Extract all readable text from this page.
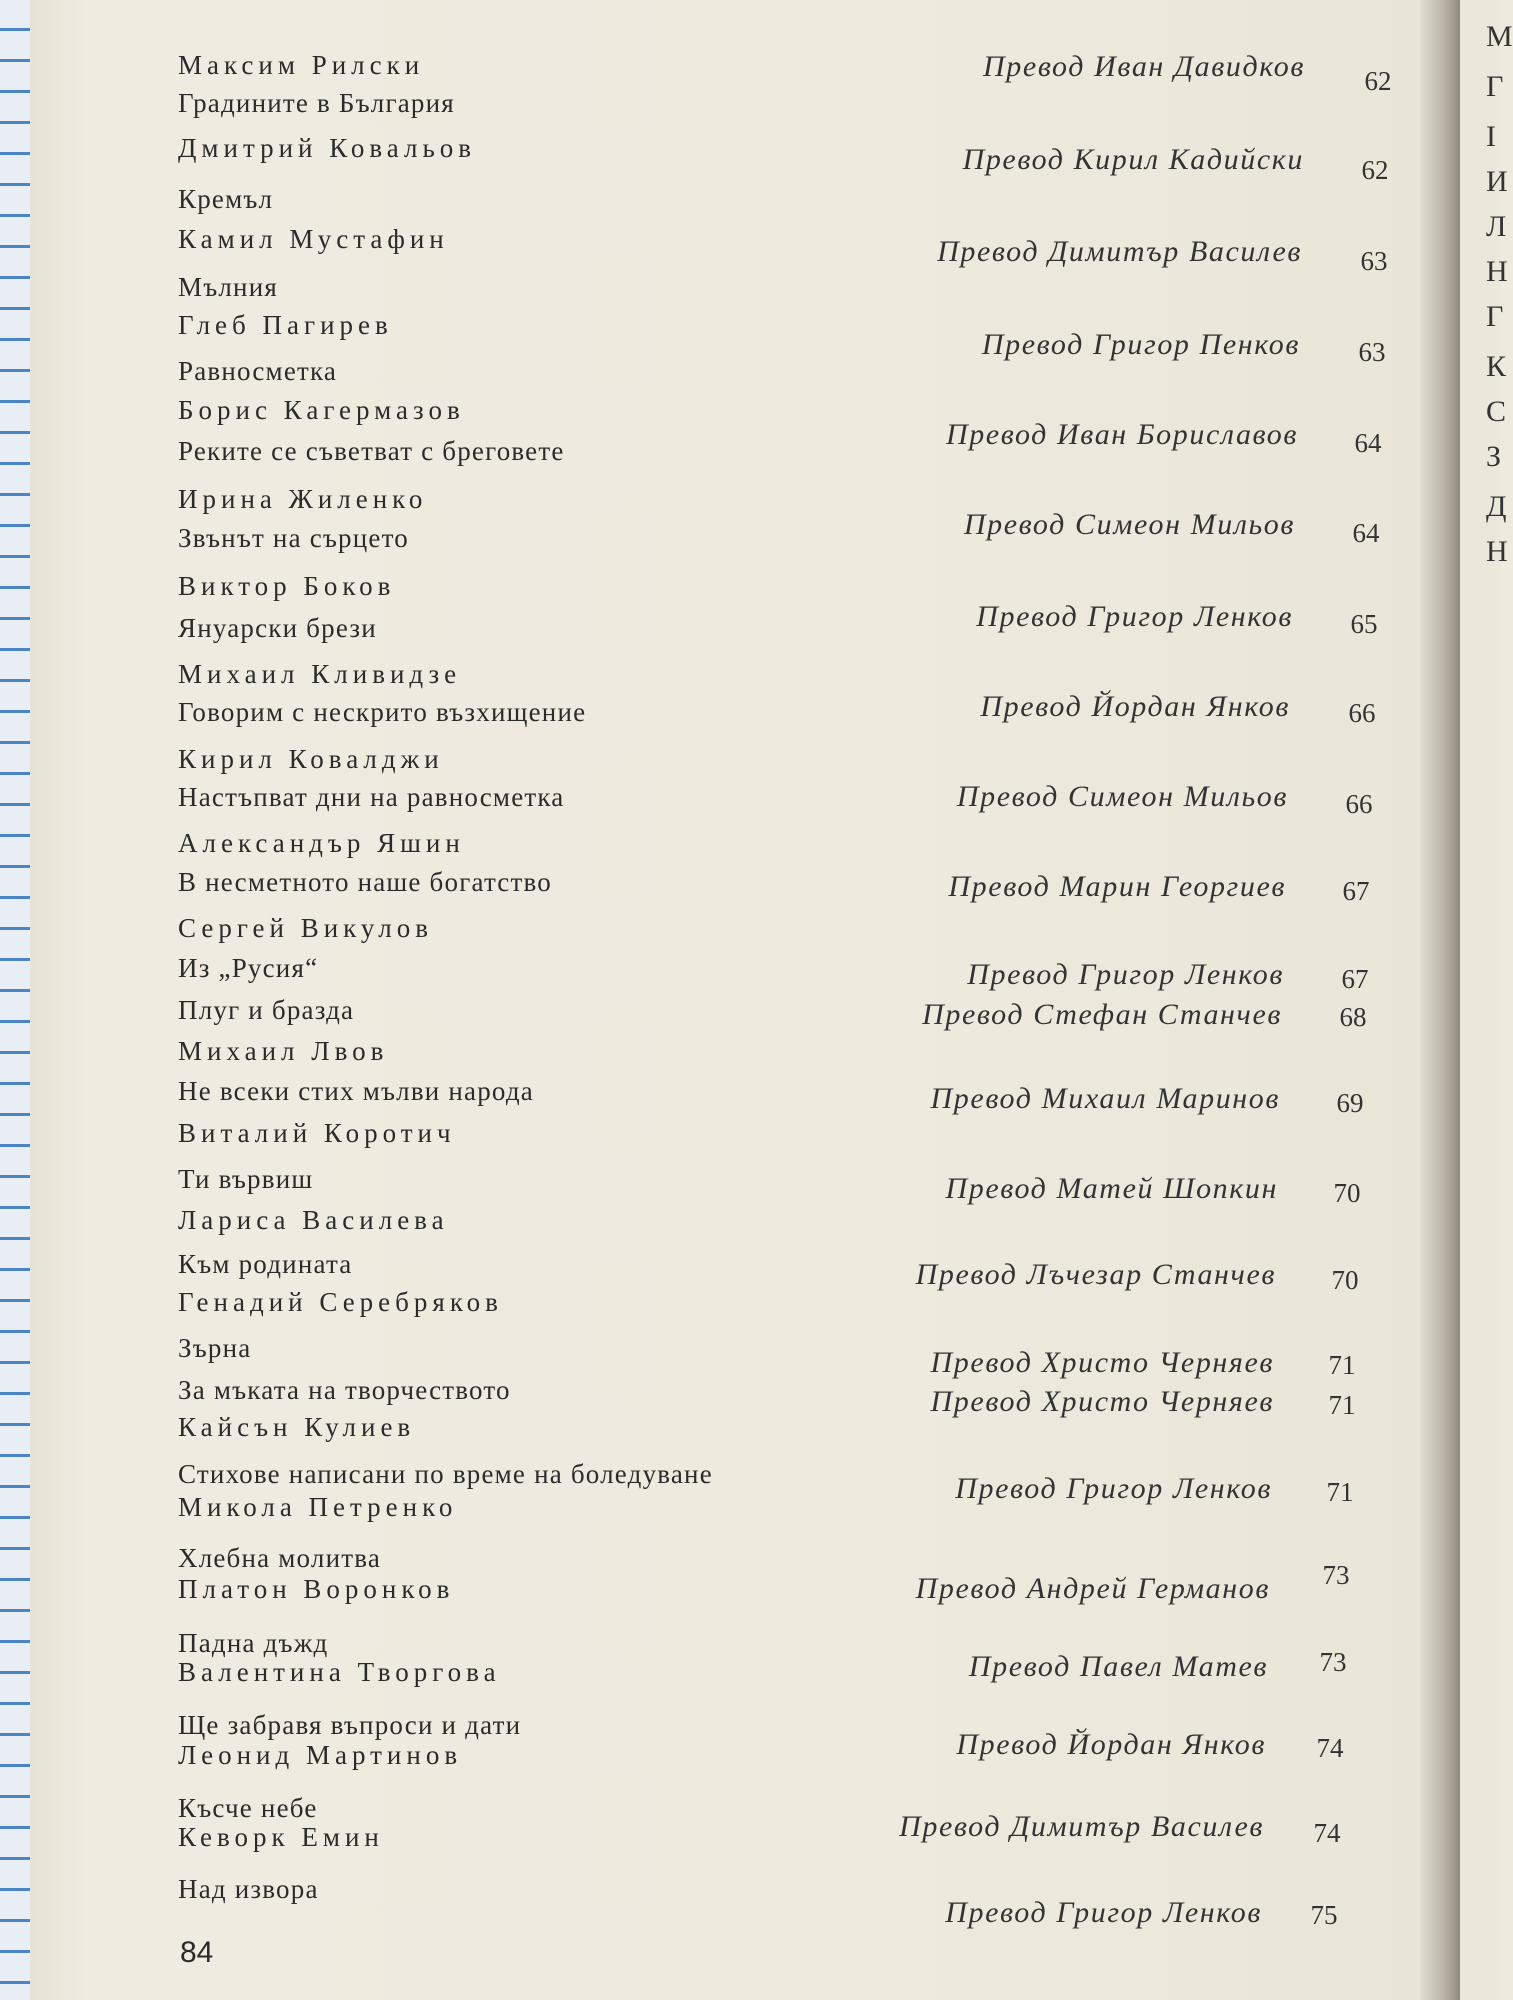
Максим Рилски
Градините в България
Превод Иван Давидков	62
Дмитрий Ковальов
Кремъл
Превод Кирил Кадийски	62
Камил Мустафин
Мълния
Превод Димитър Василев	63
Глеб Пагирев
Равносметка
Превод Григор Пенков	63
Борис Кагермазов
Реките се съветват с бреговете	Превод Иван Бориславов	64
Ирина Жиленко
Звънът на сърцето	Превод Симеон Мильов	64
Виктор Боков
Януарски брези	Превод Григор Ленков	65
Михаил Кливидзе
Говорим с нескрито възхищение	Превод Йордан Янков	66
Кирил Ковалджи
Настъпват дни на равносметка	Превод Симеон Мильов	66
Александър Яшин
В несметното наше богатство	Превод Марин Георгиев	67
Сергей Викулов
Из „Русия“	Превод Григор Ленков	67
Плуг и бразда	Превод Стефан Станчев	68
Михаил Лвов
Не всеки стих мълви народа	Превод Михаил Маринов	69
Виталий Коротич
Ти вървиш	Превод Матей Шопкин	70
Лариса Василева
Към родината	Превод Лъчезар Станчев	70
Генадий Серебряков
Зърна	Превод Христо Черняев	71
За мъката на творчеството	Превод Христо Черняев	71
Кайсън Кулиев
Стихове написани по време на боледуване	Превод Григор Ленков	71
Микола Петренко
Хлебна молитва
Превод Андрей Германов	73
Платон Воронков
Падна дъжд
Превод Павел Матев	73
Валентина Творгова
Ще забравя въпроси и дати
Превод Йордан Янков	74
Леонид Мартинов
Късче небе
Превод Димитър Василев	74
Кеворк Емин
Над извора
Превод Григор Ленков	75
84
М
Г
І
И
Л
Н
Г
К
С
З
Д
Н
